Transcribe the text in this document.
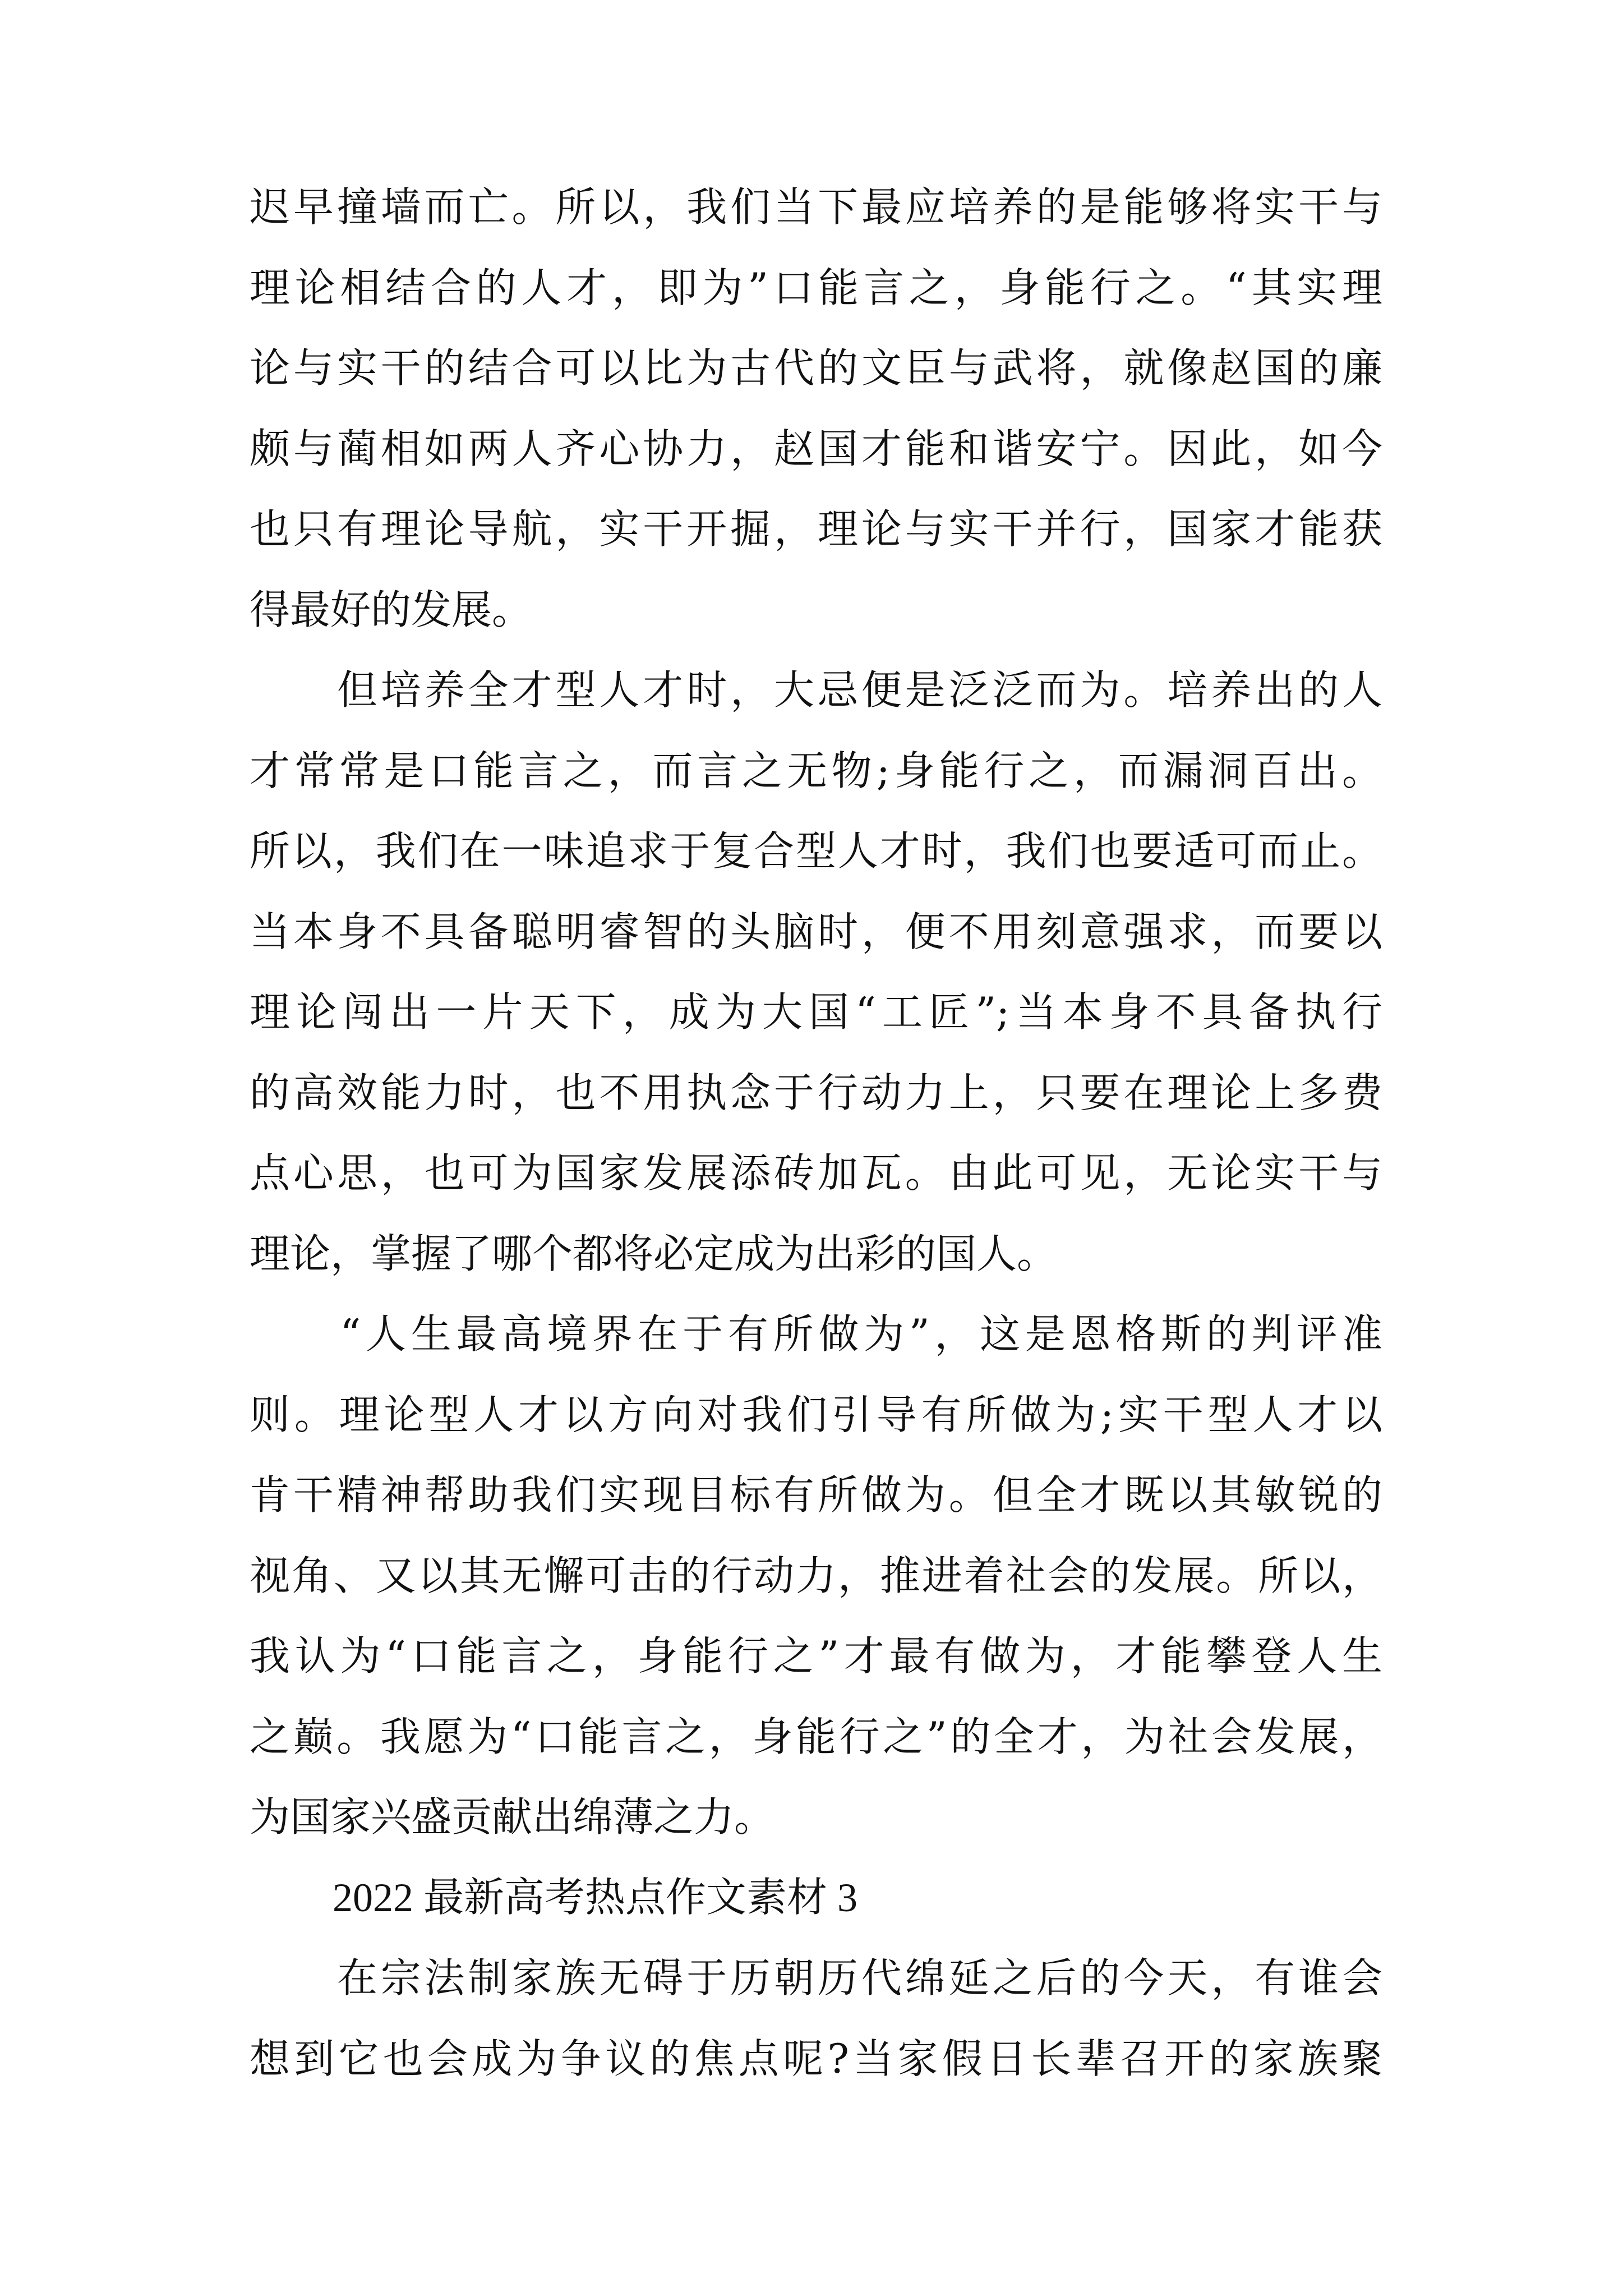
迟早撞墙而亡。所以，我们当下最应培养的是能够将实干与
理论相结合的人才，即为”口能言之，身能行之。“其实理
论与实干的结合可以比为古代的文臣与武将，就像赵国的廉
颇与蔺相如两人齐心协力，赵国才能和谐安宁。因此，如今
也只有理论导航，实干开掘，理论与实干并行，国家才能获
得最好的发展。
　　但培养全才型人才时，大忌便是泛泛而为。培养出的人
才常常是口能言之，而言之无物;身能行之，而漏洞百出。
所以，我们在一味追求于复合型人才时，我们也要适可而止。
当本身不具备聪明睿智的头脑时，便不用刻意强求，而要以
理论闯出一片天下，成为大国“工匠”;当本身不具备执行
的高效能力时，也不用执念于行动力上，只要在理论上多费
点心思，也可为国家发展添砖加瓦。由此可见，无论实干与
理论，掌握了哪个都将必定成为出彩的国人。
　　“人生最高境界在于有所做为”，这是恩格斯的判评准
则。理论型人才以方向对我们引导有所做为;实干型人才以
肯干精神帮助我们实现目标有所做为。但全才既以其敏锐的
视角、又以其无懈可击的行动力，推进着社会的发展。所以，
我认为“口能言之，身能行之”才最有做为，才能攀登人生
之巅。我愿为“口能言之，身能行之”的全才，为社会发展，
为国家兴盛贡献出绵薄之力。
2022 最新高考热点作文素材 3
　　在宗法制家族无碍于历朝历代绵延之后的今天，有谁会
想到它也会成为争议的焦点呢?当家假日长辈召开的家族聚
